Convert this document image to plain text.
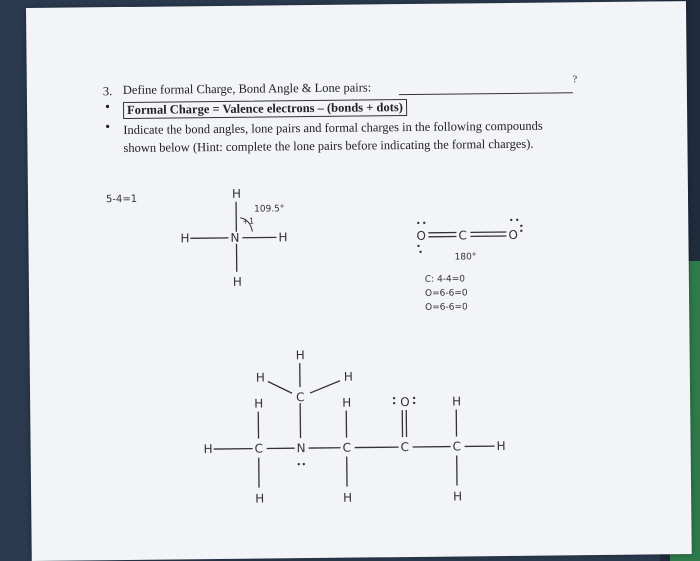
3. Define formal Charge, Bond Angle & Lone pairs:
?
•	Formal Charge = Valence electrons – (bonds + dots)
• Indicate the bond angles, lone pairs and formal charges in the following compounds
shown below (Hint: complete the lone pairs before indicating the formal charges).
H
H	N	H
H
109.5°
+1
5-4=1
O	C	O
180°
C: 4-4=0
O=6-6=0
O=6-6=0
H	C	N	C	C	C	H
H
H
C
H
H	H
H
H
O	H
H
